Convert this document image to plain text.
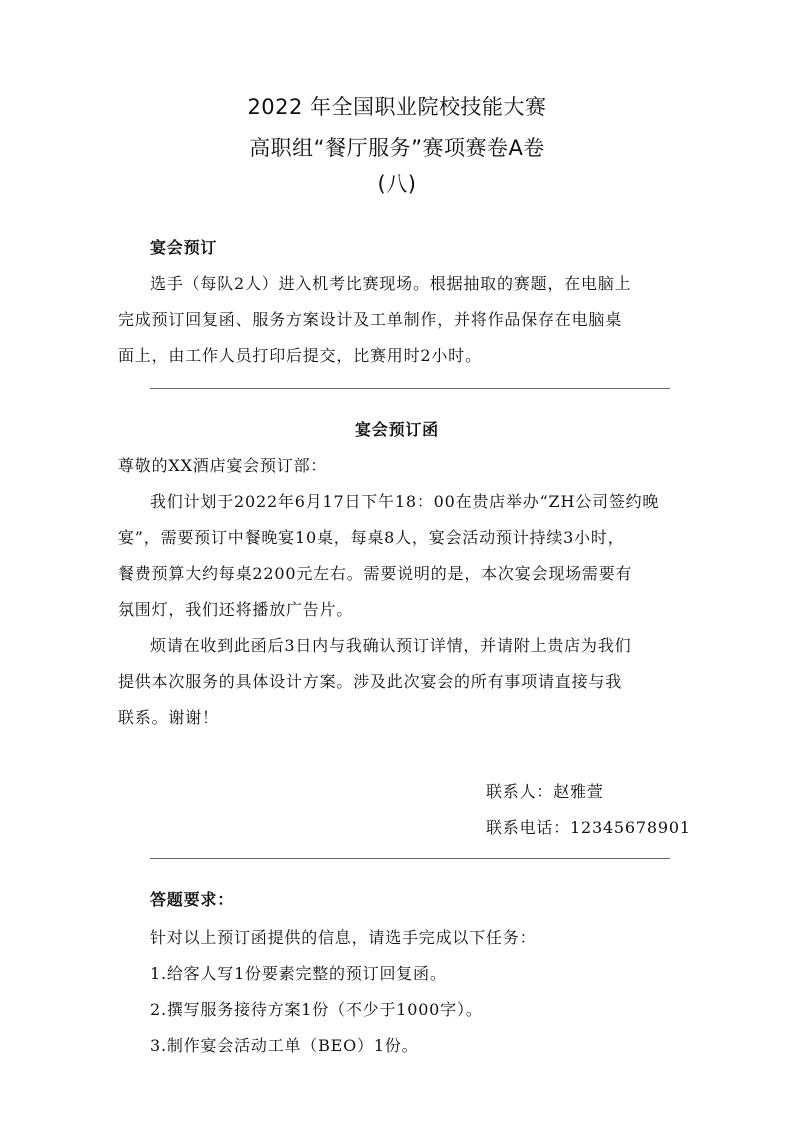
2022 年全国职业院校技能大赛
高职组“餐厅服务”赛项赛卷A卷
(八)
宴会预订
选手（每队2人）进入机考比赛现场。根据抽取的赛题，在电脑上
完成预订回复函、服务方案设计及工单制作，并将作品保存在电脑桌
面上，由工作人员打印后提交，比赛用时2小时。
宴会预订函
尊敬的XX酒店宴会预订部：
我们计划于2022年6月17日下午18：00在贵店举办“ZH公司签约晚
宴”，需要预订中餐晚宴10桌，每桌8人，宴会活动预计持续3小时，
餐费预算大约每桌2200元左右。需要说明的是，本次宴会现场需要有
氛围灯，我们还将播放广告片。
烦请在收到此函后3日内与我确认预订详情，并请附上贵店为我们
提供本次服务的具体设计方案。涉及此次宴会的所有事项请直接与我
联系。谢谢！
联系人：赵雅萱
联系电话：12345678901
答题要求：
针对以上预订函提供的信息，请选手完成以下任务：
1.给客人写1份要素完整的预订回复函。
2.撰写服务接待方案1份（不少于1000字）。
3.制作宴会活动工单（BEO）1份。
